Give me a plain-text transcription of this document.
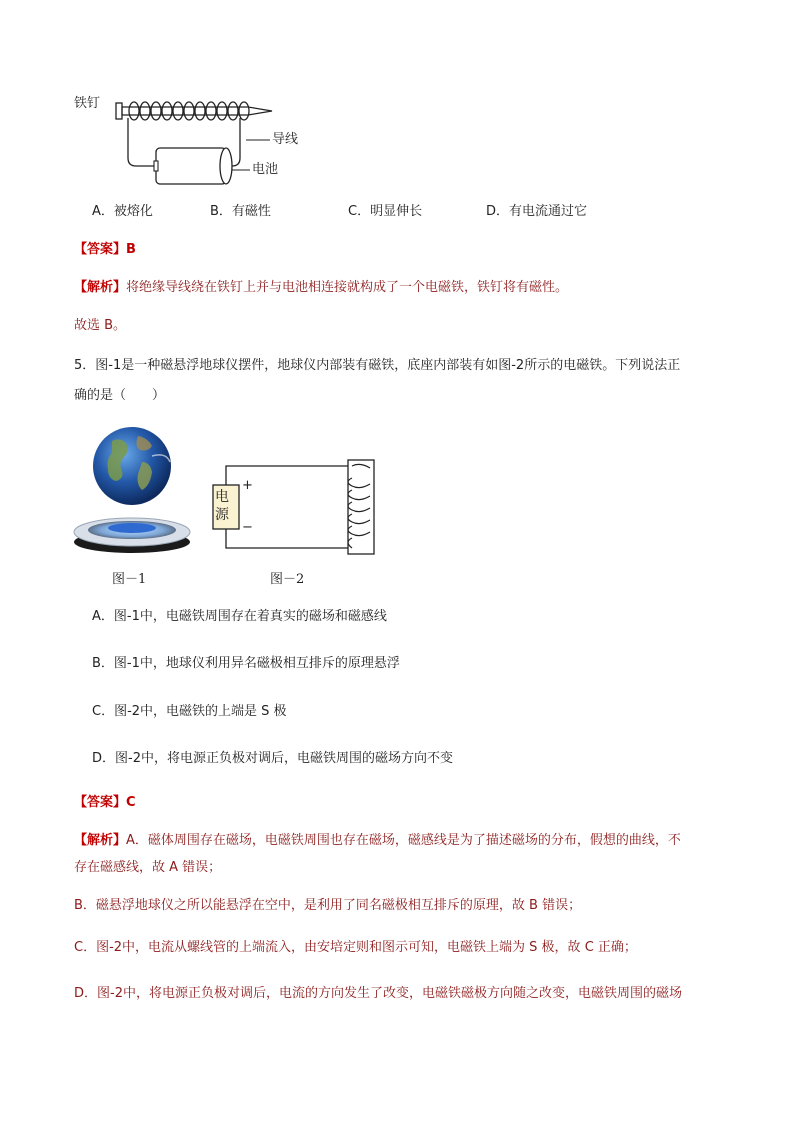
铁钉
导线
电池
A．被熔化	B．有磁性	C．明显伸长	D．有电流通过它
【答案】B
【解析】将绝缘导线绕在铁钉上并与电池相连接就构成了一个电磁铁，铁钉将有磁性。
故选 B。
5．图-1是一种磁悬浮地球仪摆件，地球仪内部装有磁铁，底座内部装有如图-2所示的电磁铁。下列说法正
确的是（　　）
图－1
电
源
+
−
图－2
A．图-1中，电磁铁周围存在着真实的磁场和磁感线
B．图-1中，地球仪利用异名磁极相互排斥的原理悬浮
C．图-2中，电磁铁的上端是 S 极
D．图-2中，将电源正负极对调后，电磁铁周围的磁场方向不变
【答案】C
【解析】A．磁体周围存在磁场，电磁铁周围也存在磁场，磁感线是为了描述磁场的分布，假想的曲线，不
存在磁感线，故 A 错误；
B．磁悬浮地球仪之所以能悬浮在空中，是利用了同名磁极相互排斥的原理，故 B 错误；
C．图-2中，电流从螺线管的上端流入，由安培定则和图示可知，电磁铁上端为 S 极，故 C 正确；
D．图-2中，将电源正负极对调后，电流的方向发生了改变，电磁铁磁极方向随之改变，电磁铁周围的磁场
